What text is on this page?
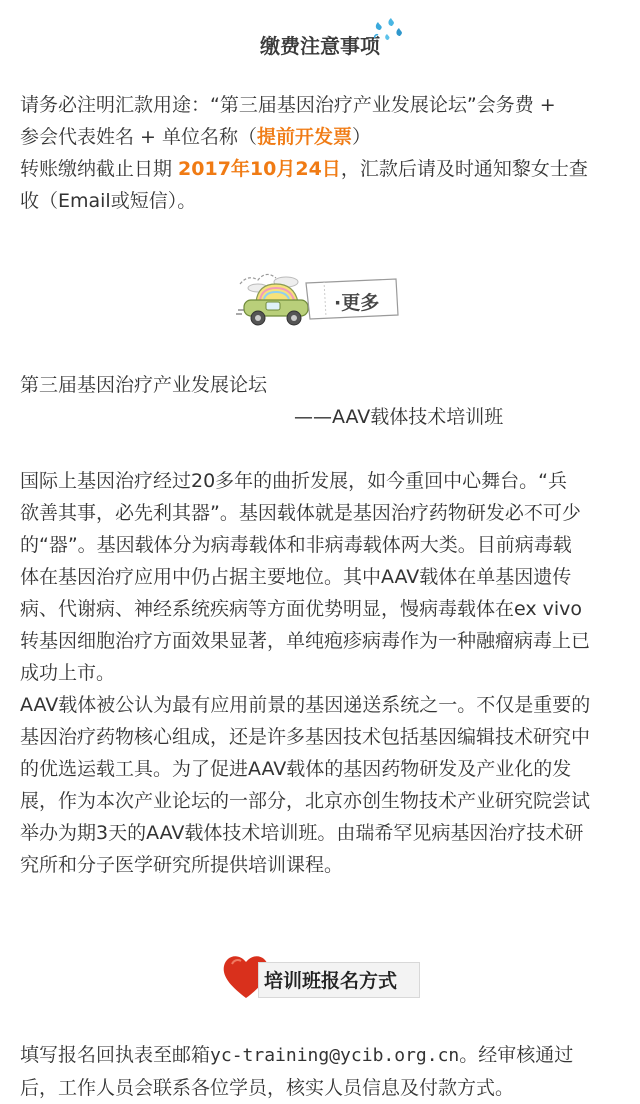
缴费注意事项
请务必注明汇款用途：“第三届基因治疗产业发展论坛”会务费 +
参会代表姓名 + 单位名称（提前开发票）
转账缴纳截止日期 2017年10月24日，汇款后请及时通知黎女士查
收（Email或短信）。
·更多
第三届基因治疗产业发展论坛
——AAV载体技术培训班
国际上基因治疗经过20多年的曲折发展，如今重回中心舞台。“兵
欲善其事，必先利其器”。基因载体就是基因治疗药物研发必不可少
的“器”。基因载体分为病毒载体和非病毒载体两大类。目前病毒载
体在基因治疗应用中仍占据主要地位。其中AAV载体在单基因遗传
病、代谢病、神经系统疾病等方面优势明显，慢病毒载体在ex vivo
转基因细胞治疗方面效果显著，单纯疱疹病毒作为一种融瘤病毒上已
成功上市。
AAV载体被公认为最有应用前景的基因递送系统之一。不仅是重要的
基因治疗药物核心组成，还是许多基因技术包括基因编辑技术研究中
的优选运载工具。为了促进AAV载体的基因药物研发及产业化的发
展，作为本次产业论坛的一部分，北京亦创生物技术产业研究院尝试
举办为期3天的AAV载体技术培训班。由瑞希罕见病基因治疗技术研
究所和分子医学研究所提供培训课程。
培训班报名方式
填写报名回执表至邮箱yc-training@ycib.org.cn。经审核通过
后，工作人员会联系各位学员，核实人员信息及付款方式。
